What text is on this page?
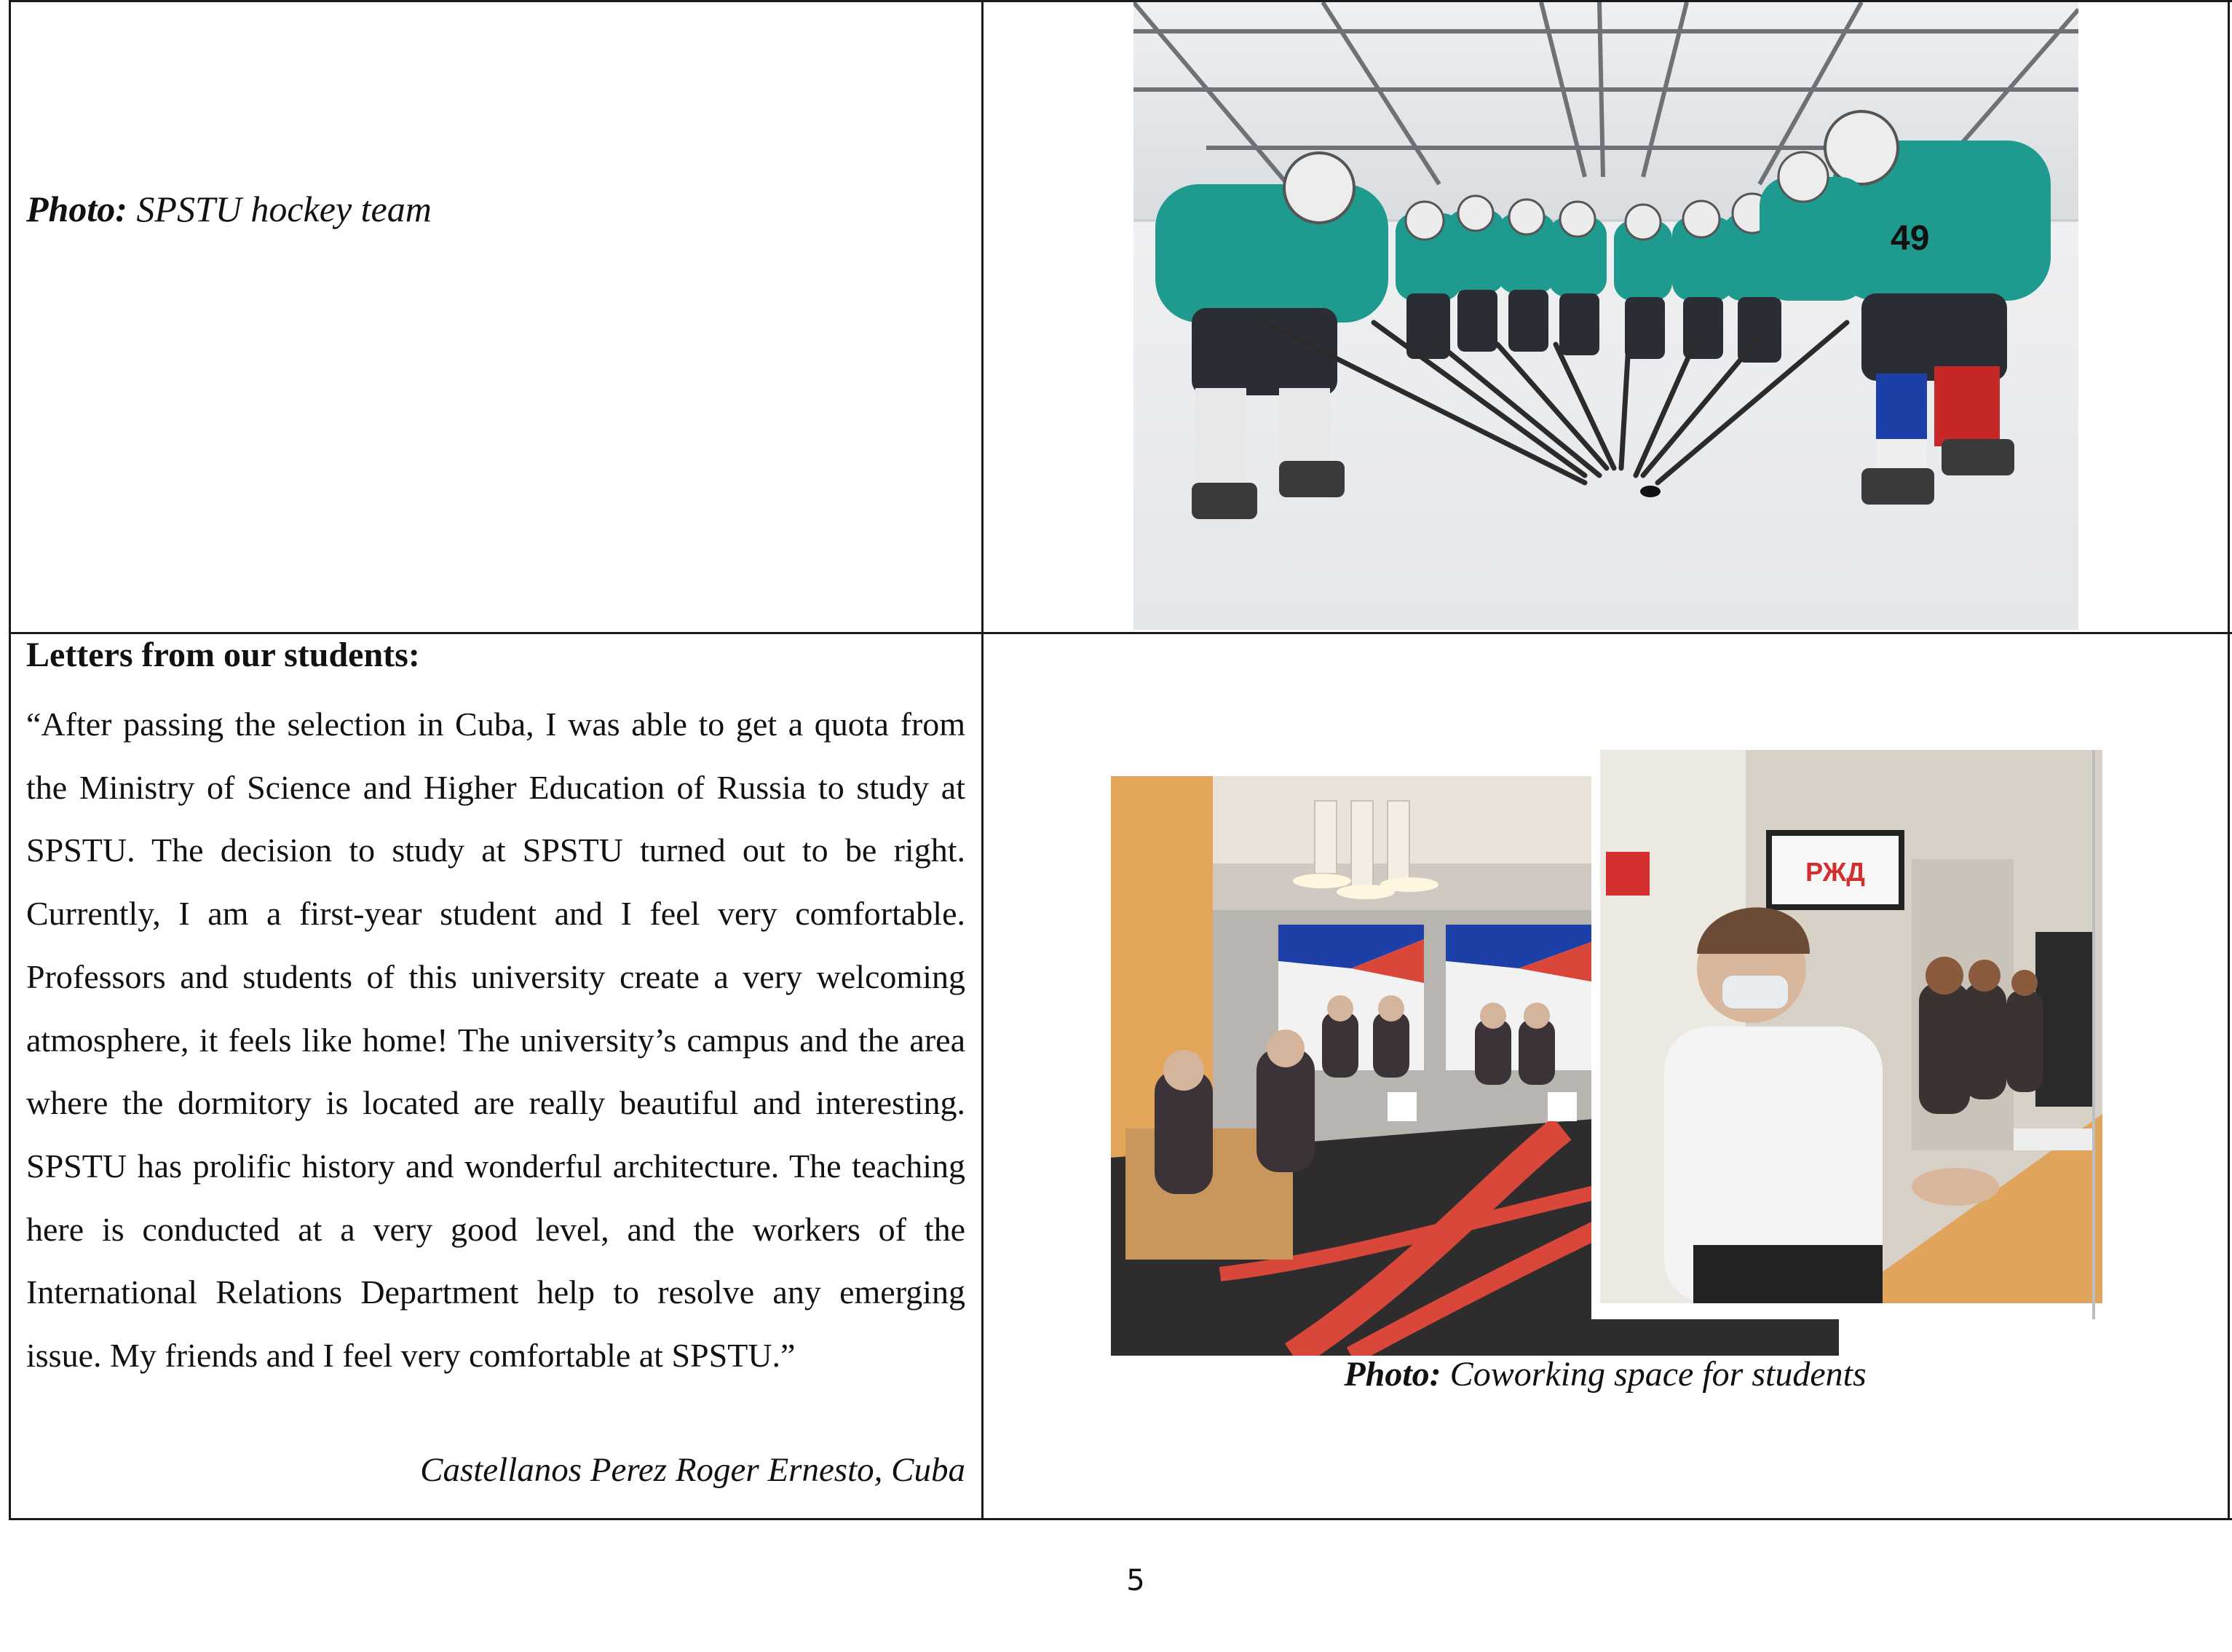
Photo: SPSTU hockey team
49
Letters from our students:
“After passing the selection in Cuba, I was able to get a quota from the Ministry of Science and Higher Education of Russia to study at SPSTU. The decision to study at SPSTU turned out to be right. Currently, I am a first-year student and I feel very comfortable. Professors and students of this university create a very welcoming atmosphere, it feels like home! The university’s campus and the area where the dormitory is located are really beautiful and interesting. SPSTU has prolific history and wonderful architecture. The teaching here is conducted at a very good level, and the workers of the International Relations Department help to resolve any emerging issue. My friends and I feel very comfortable at SPSTU.”
Castellanos Perez Roger Ernesto, Cuba
РЖД
Photo: Coworking space for students
5
